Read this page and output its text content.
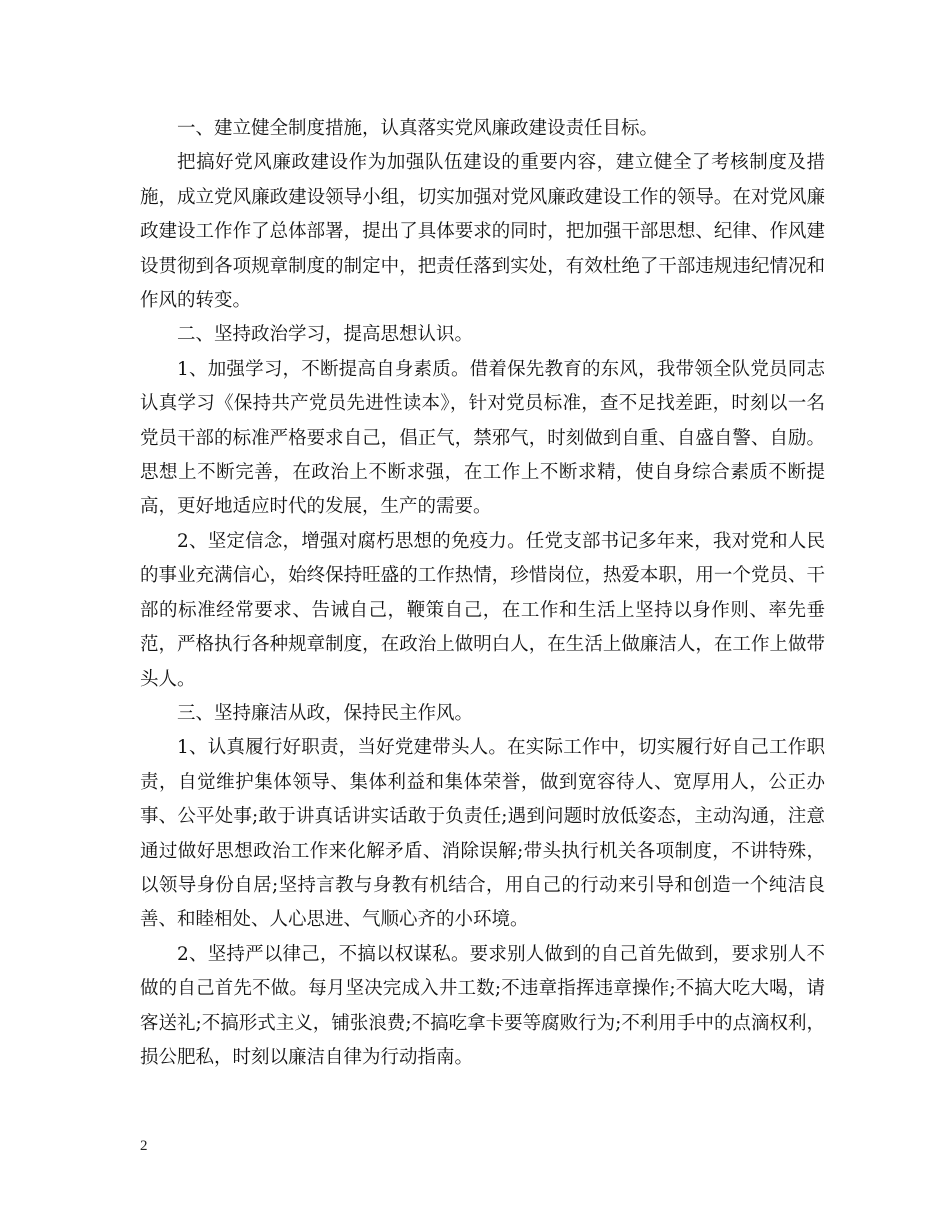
一、建立健全制度措施，认真落实党风廉政建设责任目标。

把搞好党风廉政建设作为加强队伍建设的重要内容，建立健全了考核制度及措施，成立党风廉政建设领导小组，切实加强对党风廉政建设工作的领导。在对党风廉政建设工作作了总体部署，提出了具体要求的同时，把加强干部思想、纪律、作风建设贯彻到各项规章制度的制定中，把责任落到实处，有效杜绝了干部违规违纪情况和作风的转变。

二、坚持政治学习，提高思想认识。

1、加强学习，不断提高自身素质。借着保先教育的东风，我带领全队党员同志认真学习《保持共产党员先进性读本》，针对党员标准，查不足找差距，时刻以一名党员干部的标准严格要求自己，倡正气，禁邪气，时刻做到自重、自盛自警、自励。思想上不断完善，在政治上不断求强，在工作上不断求精，使自身综合素质不断提高，更好地适应时代的发展，生产的需要。

2、坚定信念，增强对腐朽思想的免疫力。任党支部书记多年来，我对党和人民的事业充满信心，始终保持旺盛的工作热情，珍惜岗位，热爱本职，用一个党员、干部的标准经常要求、告诫自己，鞭策自己，在工作和生活上坚持以身作则、率先垂范，严格执行各种规章制度，在政治上做明白人，在生活上做廉洁人，在工作上做带头人。

三、坚持廉洁从政，保持民主作风。

1、认真履行好职责，当好党建带头人。在实际工作中，切实履行好自己工作职责，自觉维护集体领导、集体利益和集体荣誉，做到宽容待人、宽厚用人，公正办事、公平处事;敢于讲真话讲实话敢于负责任;遇到问题时放低姿态，主动沟通，注意通过做好思想政治工作来化解矛盾、消除误解;带头执行机关各项制度，不讲特殊，以领导身份自居;坚持言教与身教有机结合，用自己的行动来引导和创造一个纯洁良善、和睦相处、人心思进、气顺心齐的小环境。

2、坚持严以律己，不搞以权谋私。要求别人做到的自己首先做到，要求别人不做的自己首先不做。每月坚决完成入井工数;不违章指挥违章操作;不搞大吃大喝，请客送礼;不搞形式主义，铺张浪费;不搞吃拿卡要等腐败行为;不利用手中的点滴权利，损公肥私，时刻以廉洁自律为行动指南。

2
